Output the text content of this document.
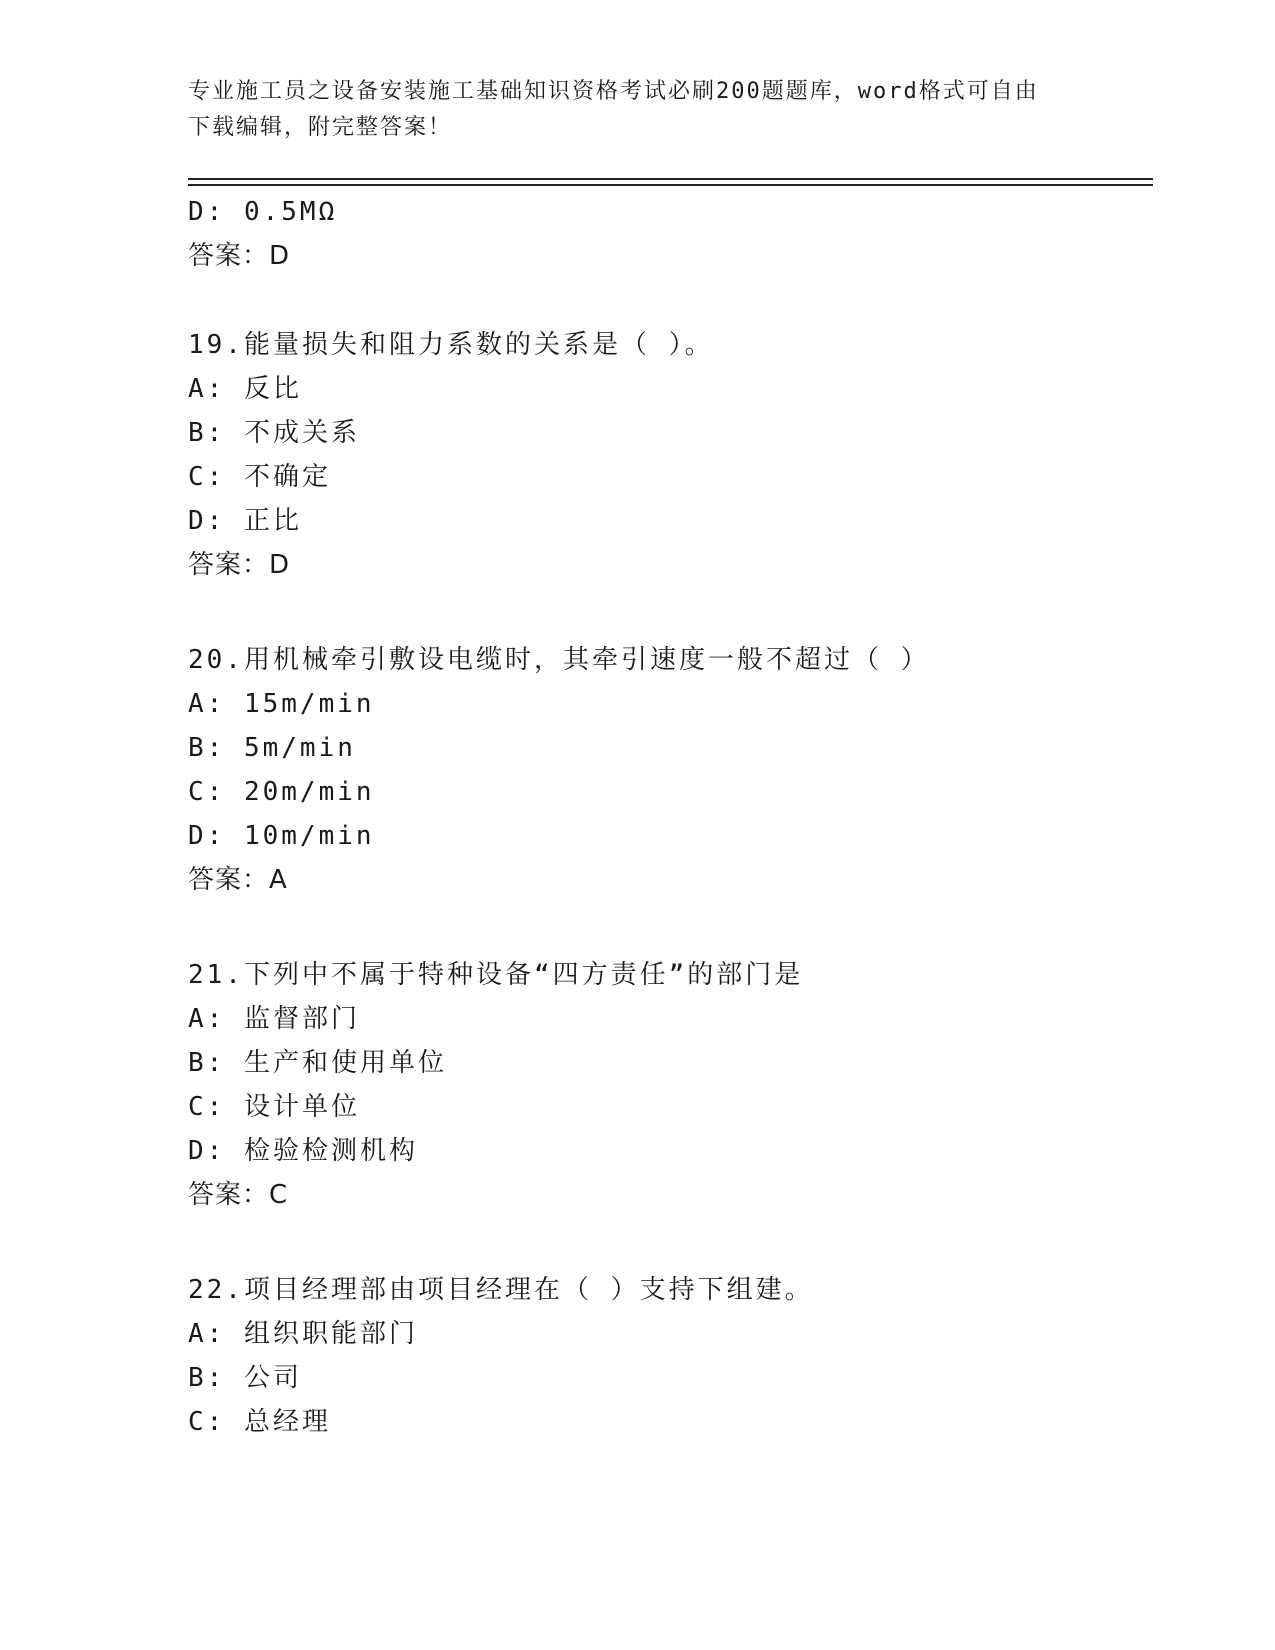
专业施工员之设备安装施工基础知识资格考试必刷200题题库，word格式可自由
下载编辑，附完整答案！
D: 0.5MΩ
答案：D
19.能量损失和阻力系数的关系是（ ）。
A: 反比
B: 不成关系
C: 不确定
D: 正比
答案：D
20.用机械牵引敷设电缆时，其牵引速度一般不超过（ ）
A: 15m/min
B: 5m/min
C: 20m/min
D: 10m/min
答案：A
21.下列中不属于特种设备“四方责任”的部门是
A: 监督部门
B: 生产和使用单位
C: 设计单位
D: 检验检测机构
答案：C
22.项目经理部由项目经理在（ ）支持下组建。
A: 组织职能部门
B: 公司
C: 总经理
